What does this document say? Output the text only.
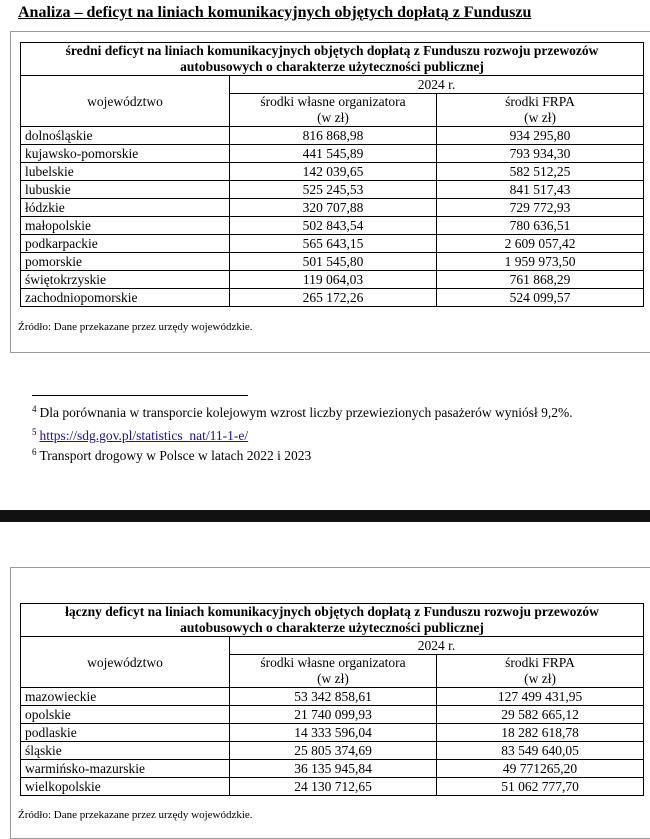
Analiza – deficyt na liniach komunikacyjnych objętych dopłatą z Funduszu
średni deficyt na liniach komunikacyjnych objętych dopłatą z Funduszu rozwoju przewozów autobusowych o charakterze użyteczności publicznej		
województwo	2024 r.	
	środki własne organizatora	środki FRPA
	(w zł)	(w zł)
dolnośląskie	816 868,98	934 295,80
kujawsko-pomorskie	441 545,89	793 934,30
lubelskie	142 039,65	582 512,25
lubuskie	525 245,53	841 517,43
łódzkie	320 707,88	729 772,93
małopolskie	502 843,54	780 636,51
podkarpackie	565 643,15	2 609 057,42
pomorskie	501 545,80	1 959 973,50
świętokrzyskie	119 064,03	761 868,29
zachodniopomorskie	265 172,26	524 099,57
Źródło: Dane przekazane przez urzędy wojewódzkie.
$^4$ Dla porównania w transporcie kolejowym wzrost liczby przewiezionych pasażerów wyniósł 9,2%.
$^5$ https://sdg.gov.pl/statistics_nat/11-1-e/
$^6$ Transport drogowy w Polsce w latach 2022 i 2023
łączny deficyt na liniach komunikacyjnych objętych dopłatą z Funduszu rozwoju przewozów autobusowych o charakterze użyteczności publicznej		
województwo	2024 r.	
	środki własne organizatora	środki FRPA
	(w zł)	(w zł)
mazowieckie	53 342 858,61	127 499 431,95
opolskie	21 740 099,93	29 582 665,12
podlaskie	14 333 596,04	18 282 618,78
śląskie	25 805 374,69	83 549 640,05
warmińsko-mazurskie	36 135 945,84	49 771265,20
wielkopolskie	24 130 712,65	51 062 777,70
Źródło: Dane przekazane przez urzędy wojewódzkie.
